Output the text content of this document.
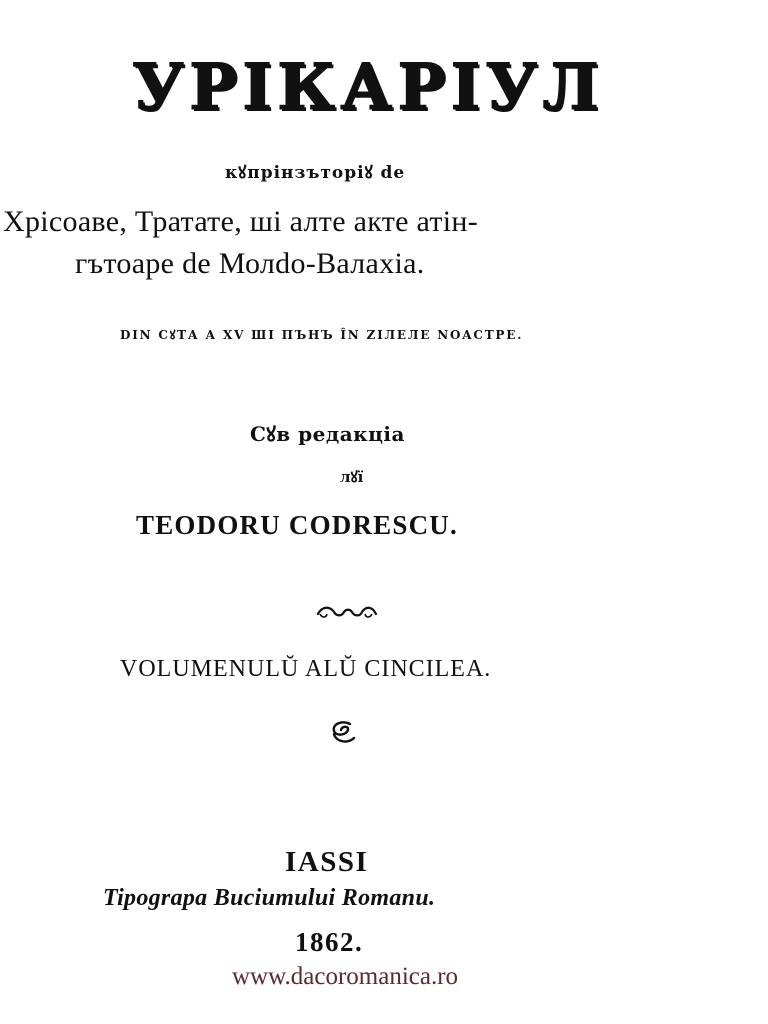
УРІКАРІУЛ
кꙋпрінзътоpiꙋ de
Хрісоаве, Тратате, ші алте акте атін-
гътоаре de Молdo-Валахіа.
DIN СꙋТА А XV ШІ ПЪНЪ ÎN ZІЛЕЛЕ NOACTРЕ.
Сꙋв редакціа
лꙋї
TEODORU CODRESCU.
VOLUMENULŬ ALŬ CINCILEA.
IASSI
Tipograpa Buciumului Romanu.
1862.
www.dacoromanica.ro
